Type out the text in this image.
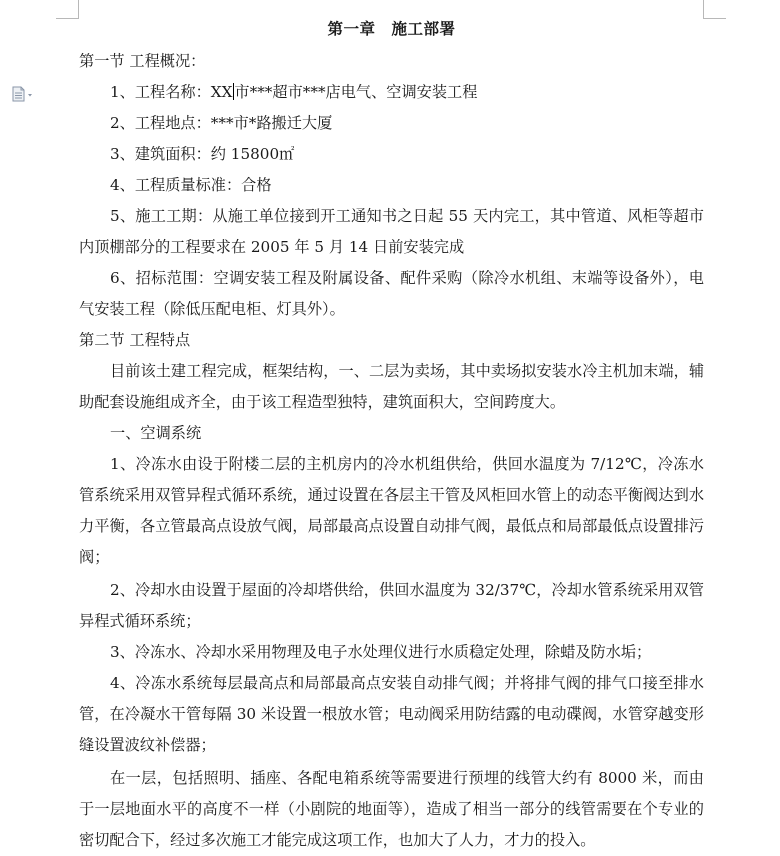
第一章 施工部署

第一节 工程概况：

1、工程名称：XX 市***超市***店电气、空调安装工程

2、工程地点：***市*路搬迁大厦

3、建筑面积：约 15800㎡

4、工程质量标准：合格

5、施工工期：从施工单位接到开工通知书之日起 55 天内完工，其中管道、风柜等超市内顶棚部分的工程要求在 2005 年 5 月 14 日前安装完成

6、招标范围：空调安装工程及附属设备、配件采购（除冷水机组、末端等设备外），电气安装工程（除低压配电柜、灯具外）。

第二节 工程特点

目前该土建工程完成，框架结构，一、二层为卖场，其中卖场拟安装水冷主机加末端，辅助配套设施组成齐全，由于该工程造型独特，建筑面积大，空间跨度大。

一、空调系统

1、冷冻水由设于附楼二层的主机房内的冷水机组供给，供回水温度为 7/12℃，冷冻水管系统采用双管异程式循环系统，通过设置在各层主干管及风柜回水管上的动态平衡阀达到水力平衡，各立管最高点设放气阀，局部最高点设置自动排气阀，最低点和局部最低点设置排污阀；

2、冷却水由设置于屋面的冷却塔供给，供回水温度为 32/37℃，冷却水管系统采用双管异程式循环系统；

3、冷冻水、冷却水采用物理及电子水处理仪进行水质稳定处理，除蜡及防水垢；

4、冷冻水系统每层最高点和局部最高点安装自动排气阀；并将排气阀的排气口接至排水管，在冷凝水干管每隔 30 米设置一根放水管；电动阀采用防结露的电动碟阀，水管穿越变形缝设置波纹补偿器；

在一层，包括照明、插座、各配电箱系统等需要进行预埋的线管大约有 8000 米，而由于一层地面水平的高度不一样（小剧院的地面等），造成了相当一部分的线管需要在个专业的密切配合下，经过多次施工才能完成这项工作，也加大了人力，才力的投入。
